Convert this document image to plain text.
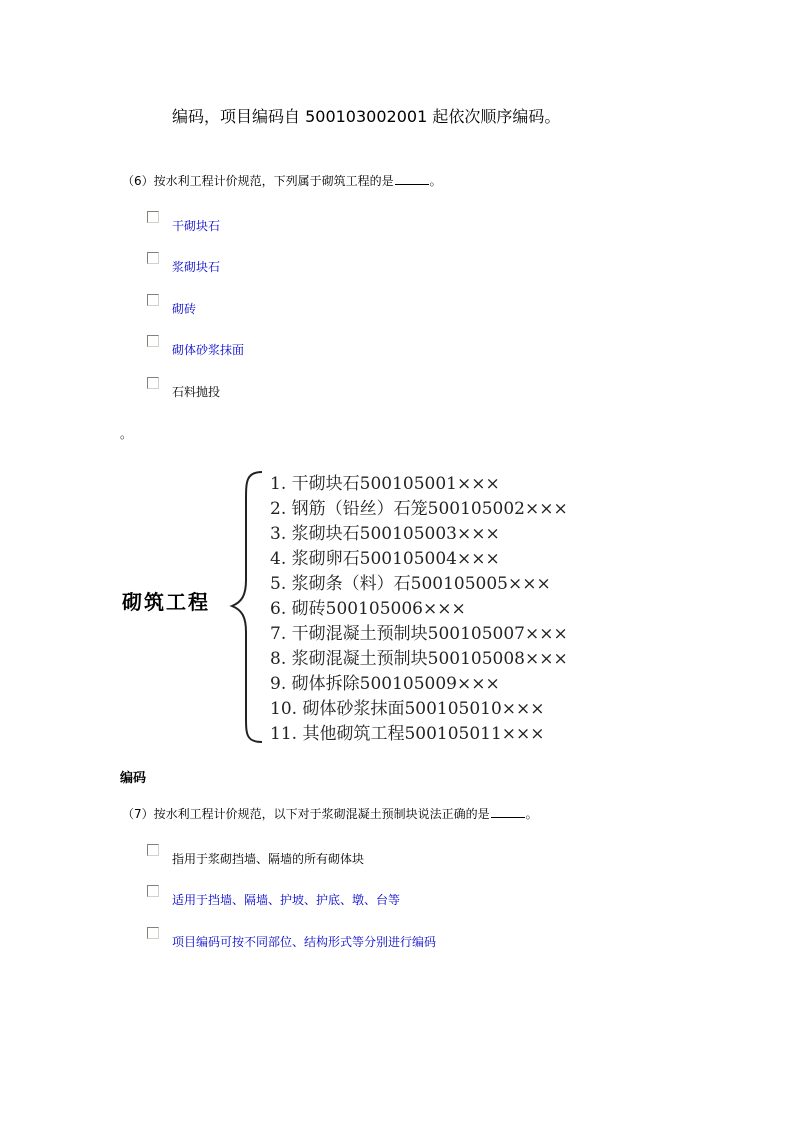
编码，项目编码自 500103002001 起依次顺序编码。
（6）按水利工程计价规范，下列属于砌筑工程的是	。
干砌块石
浆砌块石
砌砖
砌体砂浆抹面
石料抛投
。
砌筑工程
1. 干砌块石500105001×××
2. 钢筋（铅丝）石笼500105002×××
3. 浆砌块石500105003×××
4. 浆砌卵石500105004×××
5. 浆砌条（料）石500105005×××
6. 砌砖500105006×××
7. 干砌混凝土预制块500105007×××
8. 浆砌混凝土预制块500105008×××
9. 砌体拆除500105009×××
10. 砌体砂浆抹面500105010×××
11. 其他砌筑工程500105011×××
编码
（7）按水利工程计价规范，以下对于浆砌混凝土预制块说法正确的是	。
指用于浆砌挡墙、隔墙的所有砌体块
适用于挡墙、隔墙、护坡、护底、墩、台等
项目编码可按不同部位、结构形式等分别进行编码
